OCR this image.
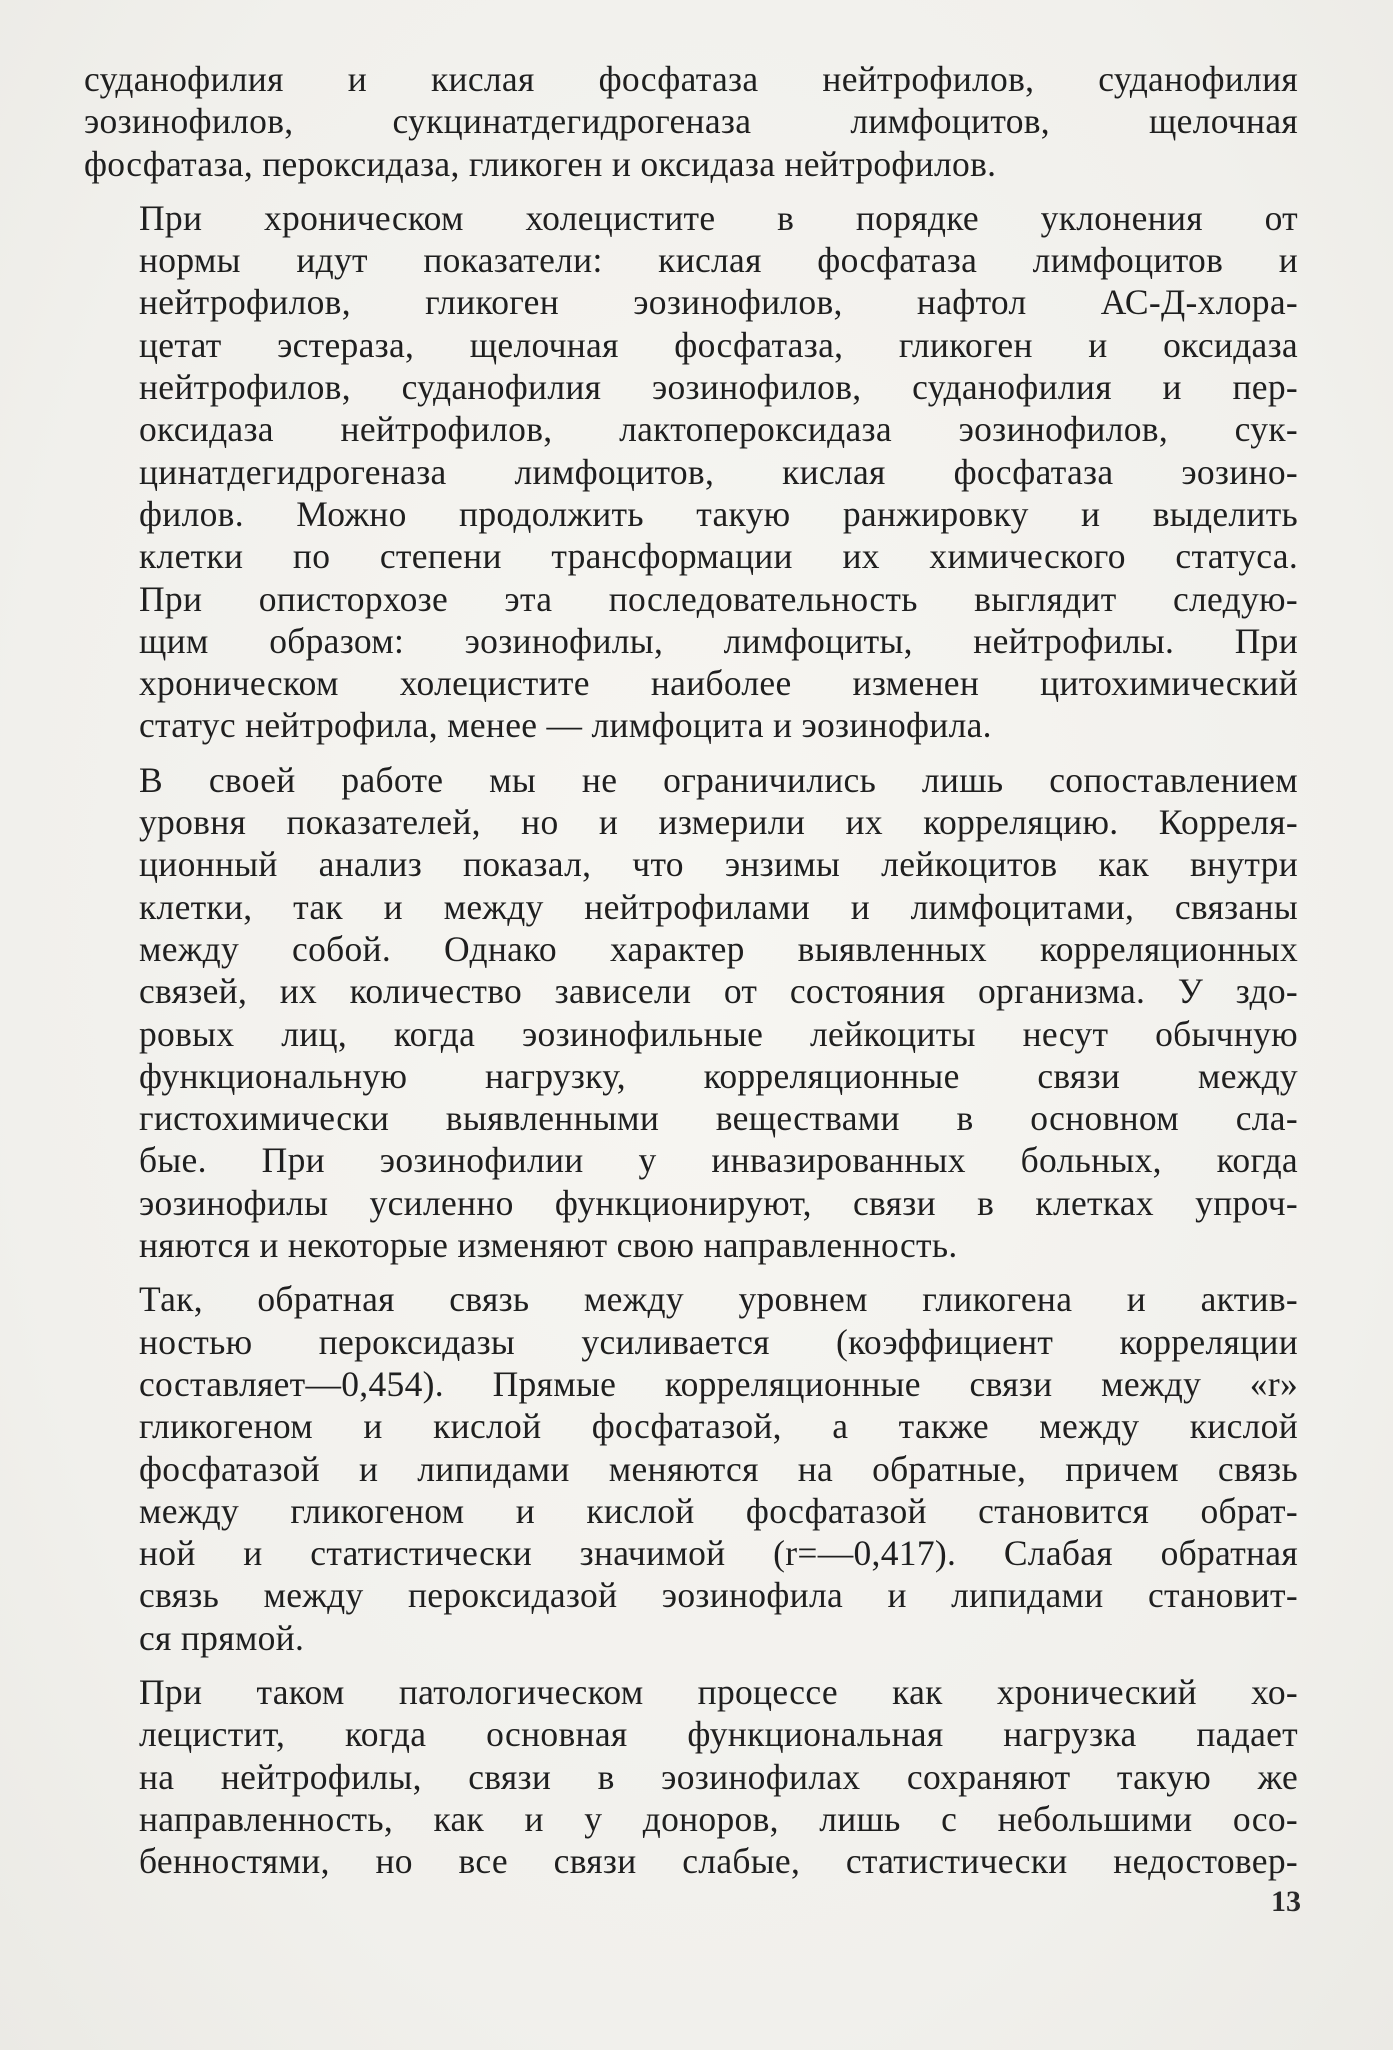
суданофилия и кислая фосфатаза нейтрофилов, суданофилия
эозинофилов, сукцинатдегидрогеназа лимфоцитов, щелочная
фосфатаза, пероксидаза, гликоген и оксидаза нейтрофилов.
При хроническом холецистите в порядке уклонения от
нормы идут показатели: кислая фосфатаза лимфоцитов и
нейтрофилов, гликоген эозинофилов, нафтол АС-Д-хлора-
цетат эстераза, щелочная фосфатаза, гликоген и оксидаза
нейтрофилов, суданофилия эозинофилов, суданофилия и пер-
оксидаза нейтрофилов, лактопероксидаза эозинофилов, сук-
цинатдегидрогеназа лимфоцитов, кислая фосфатаза эозино-
филов. Можно продолжить такую ранжировку и выделить
клетки по степени трансформации их химического статуса.
При описторхозе эта последовательность выглядит следую-
щим образом: эозинофилы, лимфоциты, нейтрофилы. При
хроническом холецистите наиболее изменен цитохимический
статус нейтрофила, менее — лимфоцита и эозинофила.
В своей работе мы не ограничились лишь сопоставлением
уровня показателей, но и измерили их корреляцию. Корреля-
ционный анализ показал, что энзимы лейкоцитов как внутри
клетки, так и между нейтрофилами и лимфоцитами, связаны
между собой. Однако характер выявленных корреляционных
связей, их количество зависели от состояния организма. У здо-
ровых лиц, когда эозинофильные лейкоциты несут обычную
функциональную нагрузку, корреляционные связи между
гистохимически выявленными веществами в основном сла-
бые. При эозинофилии у инвазированных больных, когда
эозинофилы усиленно функционируют, связи в клетках упроч-
няются и некоторые изменяют свою направленность.
Так, обратная связь между уровнем гликогена и актив-
ностью пероксидазы усиливается (коэффициент корреляции
составляет—0,454). Прямые корреляционные связи между «r»
гликогеном и кислой фосфатазой, а также между кислой
фосфатазой и липидами меняются на обратные, причем связь
между гликогеном и кислой фосфатазой становится обрат-
ной и статистически значимой (r=—0,417). Слабая обратная
связь между пероксидазой эозинофила и липидами становит-
ся прямой.
При таком патологическом процессе как хронический хо-
лецистит, когда основная функциональная нагрузка падает
на нейтрофилы, связи в эозинофилах сохраняют такую же
направленность, как и у доноров, лишь с небольшими осо-
бенностями, но все связи слабые, статистически недостовер-
13
